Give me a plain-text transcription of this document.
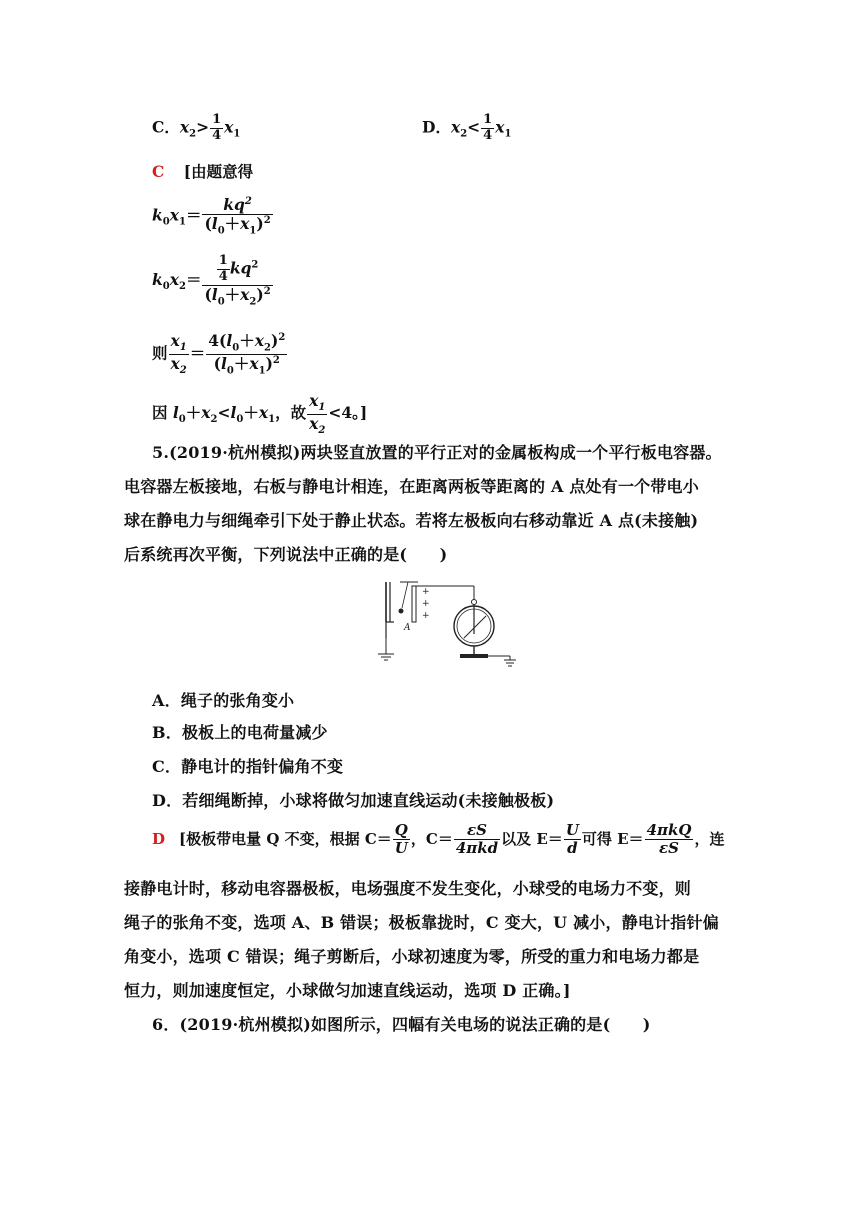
C．$x_2> \frac{1}{4} x_1$	D．$x_2< \frac{1}{4} x_1$
C [由题意得
$k_0x_1= \frac{kq^2}{(l_0+x_1)^2}$
$k_0x_2= \frac{\frac{1}{4} kq^2}{(l_0+x_2)^2}$
则 $\frac{x_1}{x_2} = \frac{4(l_0+x_2)^2}{(l_0+x_1)^2}$
因 $l_0+x_2<l_0+x_1$，故 $\frac{x_1}{x_2} <4$。]
5.(2019·杭州模拟)两块竖直放置的平行正对的金属板构成一个平行板电容器。
电容器左板接地，右板与静电计相连，在距离两板等距离的 A 点处有一个带电小
球在静电力与细绳牵引下处于静止状态。若将左极板向右移动靠近 A 点(未接触)
后系统再次平衡，下列说法中正确的是(　　)
+
+
+
A
A．绳子的张角变小
B．极板上的电荷量减少
C．静电计的指针偏角不变
D．若细绳断掉，小球将做匀加速直线运动(未接触极板)
D [极板带电量 Q 不变，根据 $C= \frac{Q}{U}$ ，$C= \frac{\varepsilon S}{\text{4πkd}}$ 以及 $E= \frac{U}{d}$ 可得 $E= \frac{\text{4πkQ}}{\varepsilon S}$ ，连
接静电计时，移动电容器极板，电场强度不发生变化，小球受的电场力不变，则
绳子的张角不变，选项 A、B 错误；极板靠拢时，C 变大，U 减小，静电计指针偏
角变小，选项 C 错误；绳子剪断后，小球初速度为零，所受的重力和电场力都是
恒力，则加速度恒定，小球做匀加速直线运动，选项 D 正确。]
6．(2019·杭州模拟)如图所示，四幅有关电场的说法正确的是(　　)
